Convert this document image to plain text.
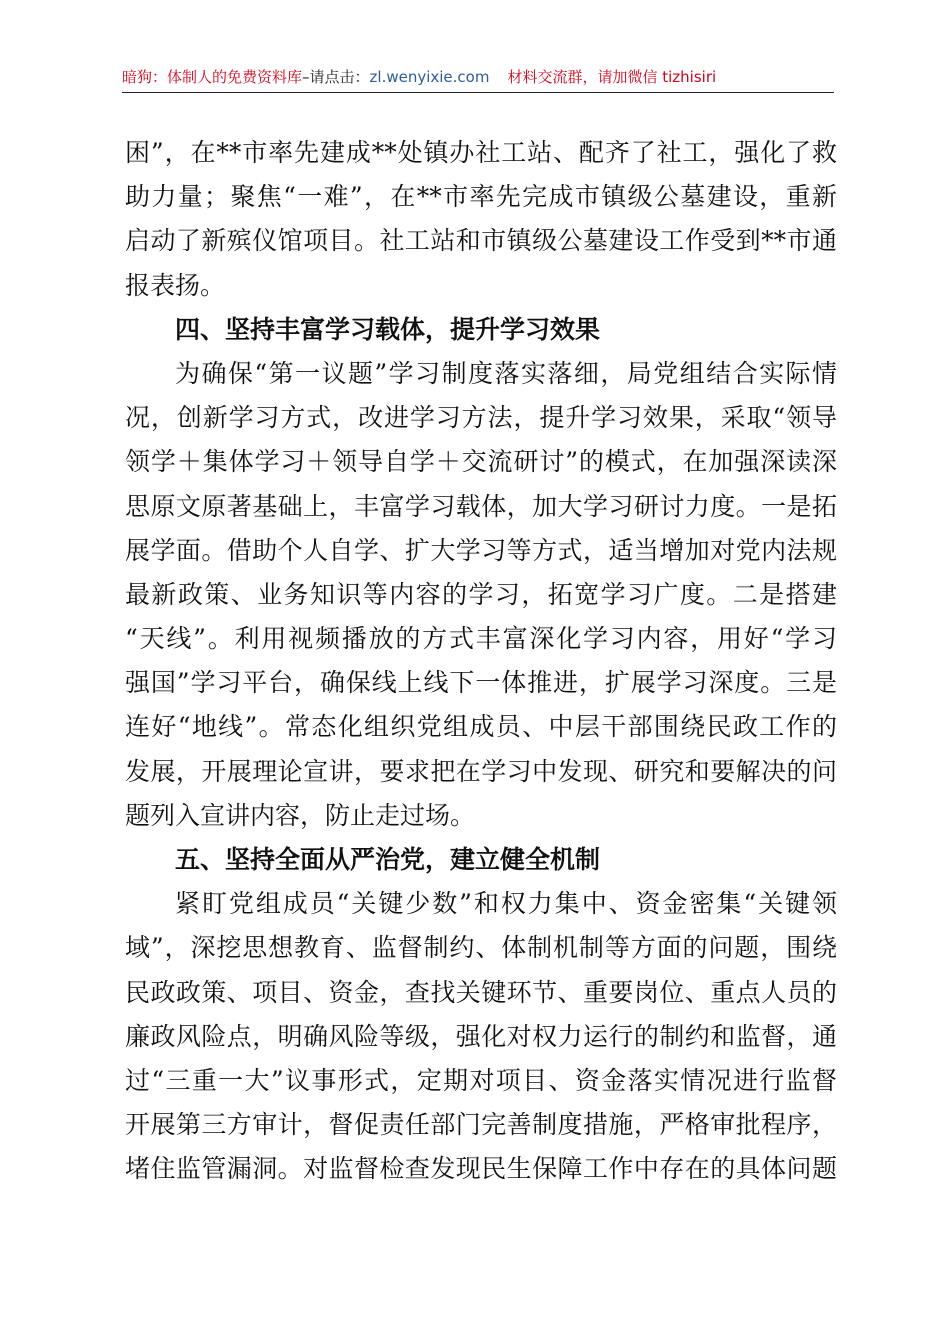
暗狗：体制人的免费资料库–请点击：zl.wenyixie.com 材料交流群，请加微信 tizhisiri
困”，在**市率先建成**处镇办社工站、配齐了社工，强化了救
助力量；聚焦“一难”，在**市率先完成市镇级公墓建设，重新
启动了新殡仪馆项目。社工站和市镇级公墓建设工作受到**市通
报表扬。
四、坚持丰富学习载体，提升学习效果
为确保“第一议题”学习制度落实落细，局党组结合实际情
况，创新学习方式，改进学习方法，提升学习效果，采取“领导
领学＋集体学习＋领导自学＋交流研讨”的模式，在加强深读深
思原文原著基础上，丰富学习载体，加大学习研讨力度。一是拓
展学面。借助个人自学、扩大学习等方式，适当增加对党内法规
最新政策、业务知识等内容的学习，拓宽学习广度。二是搭建
“天线”。利用视频播放的方式丰富深化学习内容，用好“学习
强国”学习平台，确保线上线下一体推进，扩展学习深度。三是
连好“地线”。常态化组织党组成员、中层干部围绕民政工作的
发展，开展理论宣讲，要求把在学习中发现、研究和要解决的问
题列入宣讲内容，防止走过场。
五、坚持全面从严治党，建立健全机制
紧盯党组成员“关键少数”和权力集中、资金密集“关键领
域”，深挖思想教育、监督制约、体制机制等方面的问题，围绕
民政政策、项目、资金，查找关键环节、重要岗位、重点人员的
廉政风险点，明确风险等级，强化对权力运行的制约和监督，通
过“三重一大”议事形式，定期对项目、资金落实情况进行监督
开展第三方审计，督促责任部门完善制度措施，严格审批程序，
堵住监管漏洞。对监督检查发现民生保障工作中存在的具体问题
